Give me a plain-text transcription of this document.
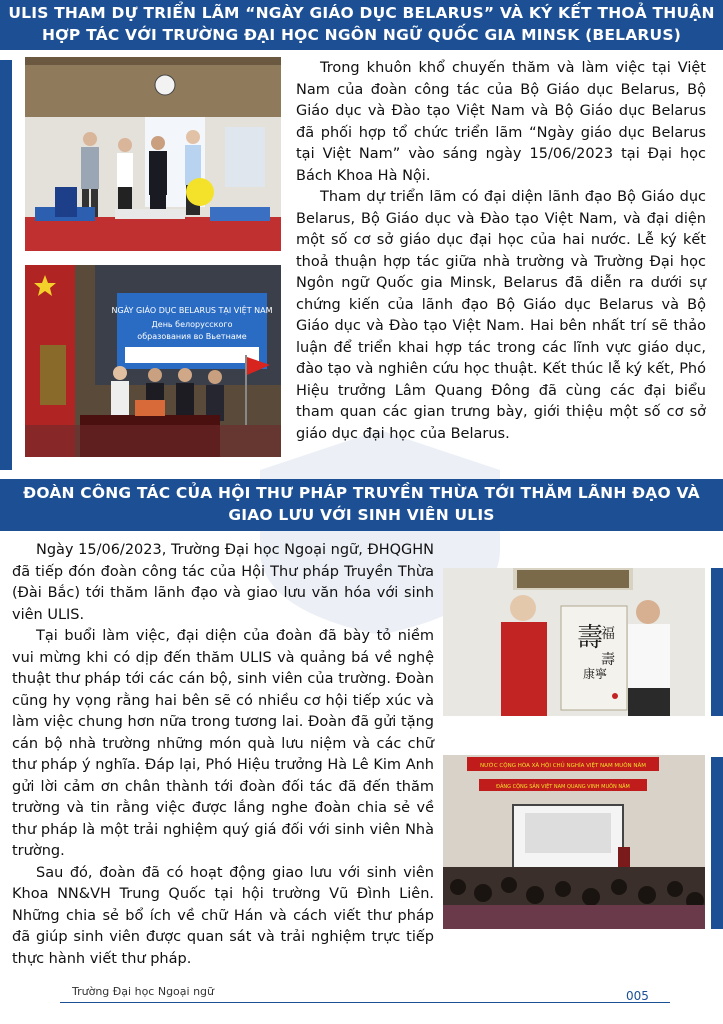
ULIS THAM DỰ TRIỂN LÃM “NGÀY GIÁO DỤC BELARUS” VÀ KÝ KẾT THOẢ THUẬN
HỢP TÁC VỚI TRƯỜNG ĐẠI HỌC NGÔN NGỮ QUỐC GIA MINSK (BELARUS)
NGÀY GIÁO DỤC BELARUS TẠI VIỆT NAM
День белорусского
образования во Вьетнаме

Trong khuôn khổ chuyến thăm và làm việc tại Việt Nam của đoàn công tác của Bộ Giáo dục Belarus, Bộ Giáo dục và Đào tạo Việt Nam và Bộ Giáo dục Belarus đã phối hợp tổ chức triển lãm “Ngày giáo dục Belarus tại Việt Nam” vào sáng ngày 15/06/2023 tại Đại học Bách Khoa Hà Nội.

Tham dự triển lãm có đại diện lãnh đạo Bộ Giáo dục Belarus, Bộ Giáo dục và Đào tạo Việt Nam, và đại diện một số cơ sở giáo dục đại học của hai nước. Lễ ký kết thoả thuận hợp tác giữa nhà trường và Trường Đại học Ngôn ngữ Quốc gia Minsk, Belarus đã diễn ra dưới sự chứng kiến của lãnh đạo Bộ Giáo dục Belarus và Bộ Giáo dục và Đào tạo Việt Nam. Hai bên nhất trí sẽ thảo luận để triển khai hợp tác trong các lĩnh vực giáo dục, đào tạo và nghiên cứu học thuật. Kết thúc lễ ký kết, Phó Hiệu trưởng Lâm Quang Đông đã cùng các đại biểu tham quan các gian trưng bày, giới thiệu một số cơ sở giáo dục đại học của Belarus.

ĐOÀN CÔNG TÁC CỦA HỘI THƯ PHÁP TRUYỀN THỪA TỚI THĂM LÃNH ĐẠO VÀ
GIAO LƯU VỚI SINH VIÊN ULIS

Ngày 15/06/2023, Trường Đại học Ngoại ngữ, ĐHQGHN đã tiếp đón đoàn công tác của Hội Thư pháp Truyền Thừa (Đài Bắc) tới thăm lãnh đạo và giao lưu văn hóa với sinh viên ULIS.

Tại buổi làm việc, đại diện của đoàn đã bày tỏ niềm vui mừng khi có dịp đến thăm ULIS và quảng bá về nghệ thuật thư pháp tới các cán bộ, sinh viên của trường. Đoàn cũng hy vọng rằng hai bên sẽ có nhiều cơ hội tiếp xúc và làm việc chung hơn nữa trong tương lai. Đoàn đã gửi tặng cán bộ nhà trường những món quà lưu niệm và các chữ thư pháp ý nghĩa. Đáp lại, Phó Hiệu trưởng Hà Lê Kim Anh gửi lời cảm ơn chân thành tới đoàn đối tác đã đến thăm trường và tin rằng việc được lắng nghe đoàn chia sẻ về thư pháp là một trải nghiệm quý giá đối với sinh viên Nhà trường.

Sau đó, đoàn đã có hoạt động giao lưu với sinh viên Khoa NN&VH Trung Quốc tại hội trường Vũ Đình Liên. Những chia sẻ bổ ích về chữ Hán và cách viết thư pháp đã giúp sinh viên được quan sát và trải nghiệm trực tiếp thực hành viết thư pháp.

壽
福
壽
康寧
NƯỚC CỘNG HÒA XÃ HỘI CHỦ NGHĨA VIỆT NAM MUÔN NĂM
ĐẢNG CỘNG SẢN VIỆT NAM QUANG VINH MUÔN NĂM
Trường Đại học Ngoại ngữ	005
